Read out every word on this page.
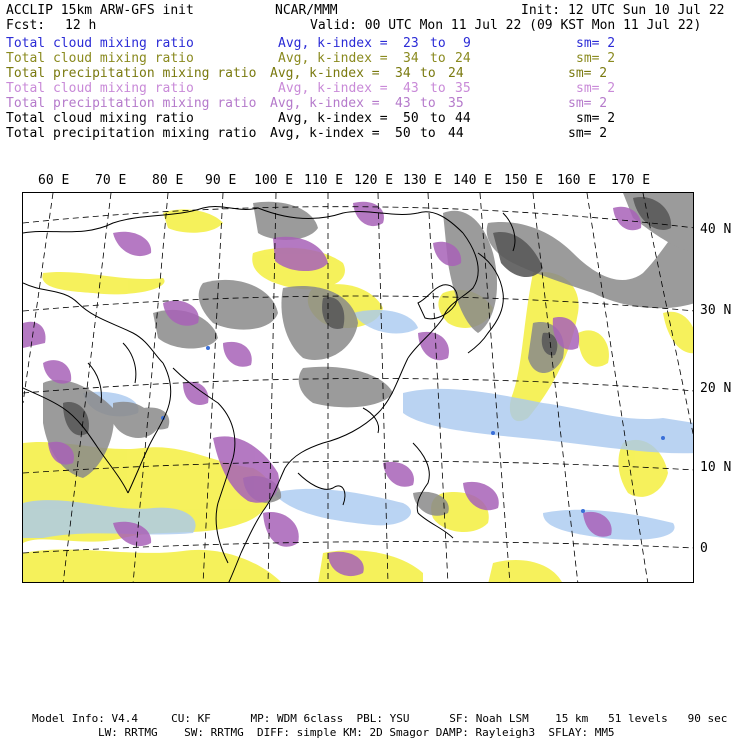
ACCLIP 15km ARW-GFS init	NCAR/MMM	Init: 12 UTC Sun 10 Jul 22
Fcst: 12 h	Valid: 00 UTC Mon 11 Jul 22 (09 KST Mon 11 Jul 22)
Total cloud mixing ratio	Avg, k-index = 23 to 9	sm= 2
Total cloud mixing ratio	Avg, k-index = 34 to 24	sm= 2
Total precipitation mixing ratio Avg, k-index = 34 to 24	sm= 2
Total cloud mixing ratio	Avg, k-index = 43 to 35	sm= 2
Total precipitation mixing ratio Avg, k-index = 43 to 35	sm= 2
Total cloud mixing ratio	Avg, k-index = 50 to 44	sm= 2
Total precipitation mixing ratio Avg, k-index = 50 to 44	sm= 2
60 E 70 E 80 E 90 E 100 E 110 E 120 E 130 E 140 E 150 E 160 E 170 E
40 N
30 N
20 N
10 N
0
Model Info: V4.4     CU: KF      MP: WDM 6class  PBL: YSU      SF: Noah LSM    15 km   51 levels   90 sec
LW: RRTMG    SW: RRTMG  DIFF: simple KM: 2D Smagor DAMP: Rayleigh3  SFLAY: MM5
